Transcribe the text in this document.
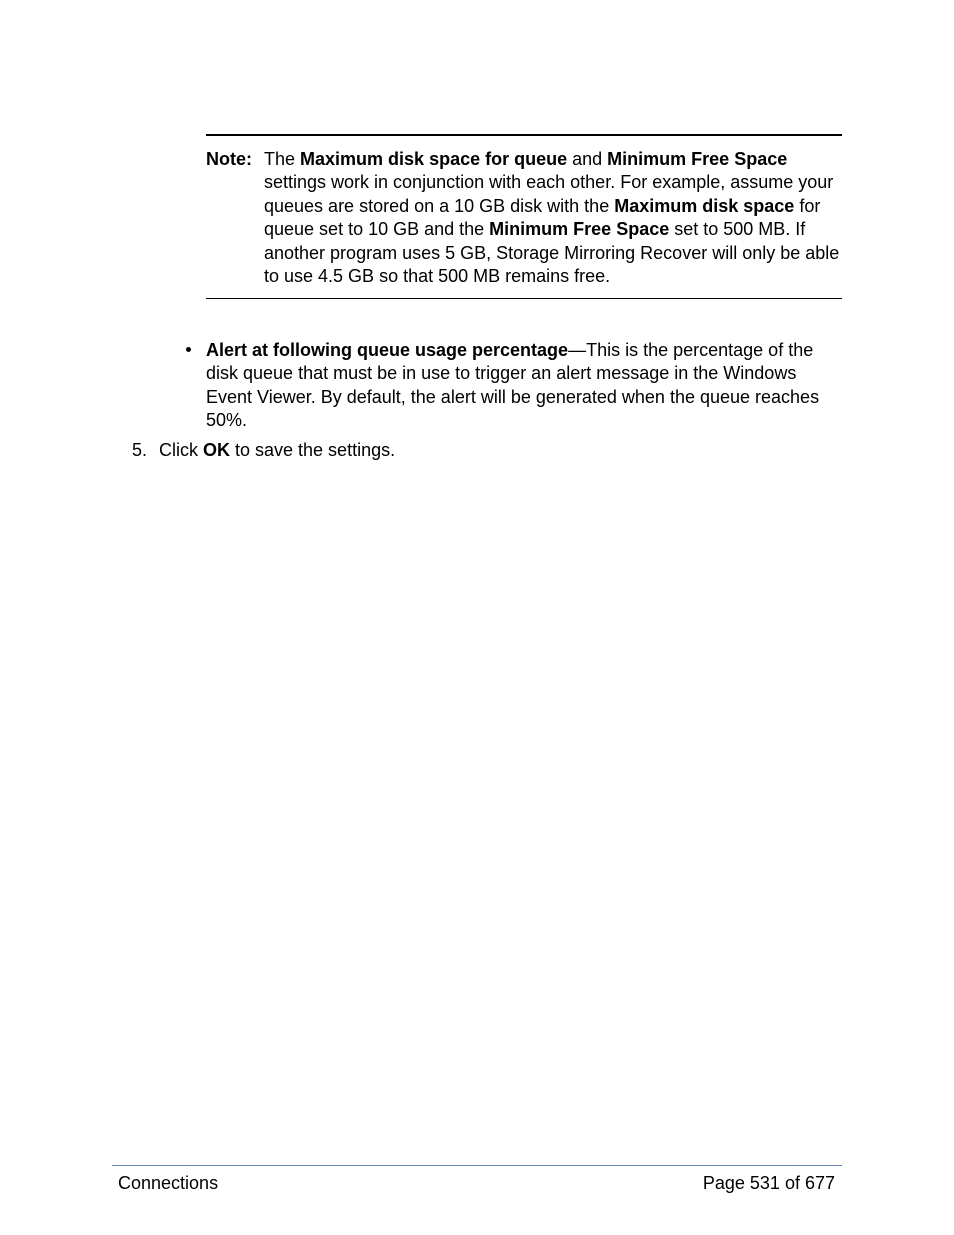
Note: The Maximum disk space for queue and Minimum Free Space settings work in conjunction with each other. For example, assume your queues are stored on a 10 GB disk with the Maximum disk space for queue set to 10 GB and the Minimum Free Space set to 500 MB. If another program uses 5 GB, Storage Mirroring Recover will only be able to use 4.5 GB so that 500 MB remains free.
Alert at following queue usage percentage—This is the percentage of the disk queue that must be in use to trigger an alert message in the Windows Event Viewer. By default, the alert will be generated when the queue reaches 50%.
5. Click OK to save the settings.
Connections	Page 531 of 677
